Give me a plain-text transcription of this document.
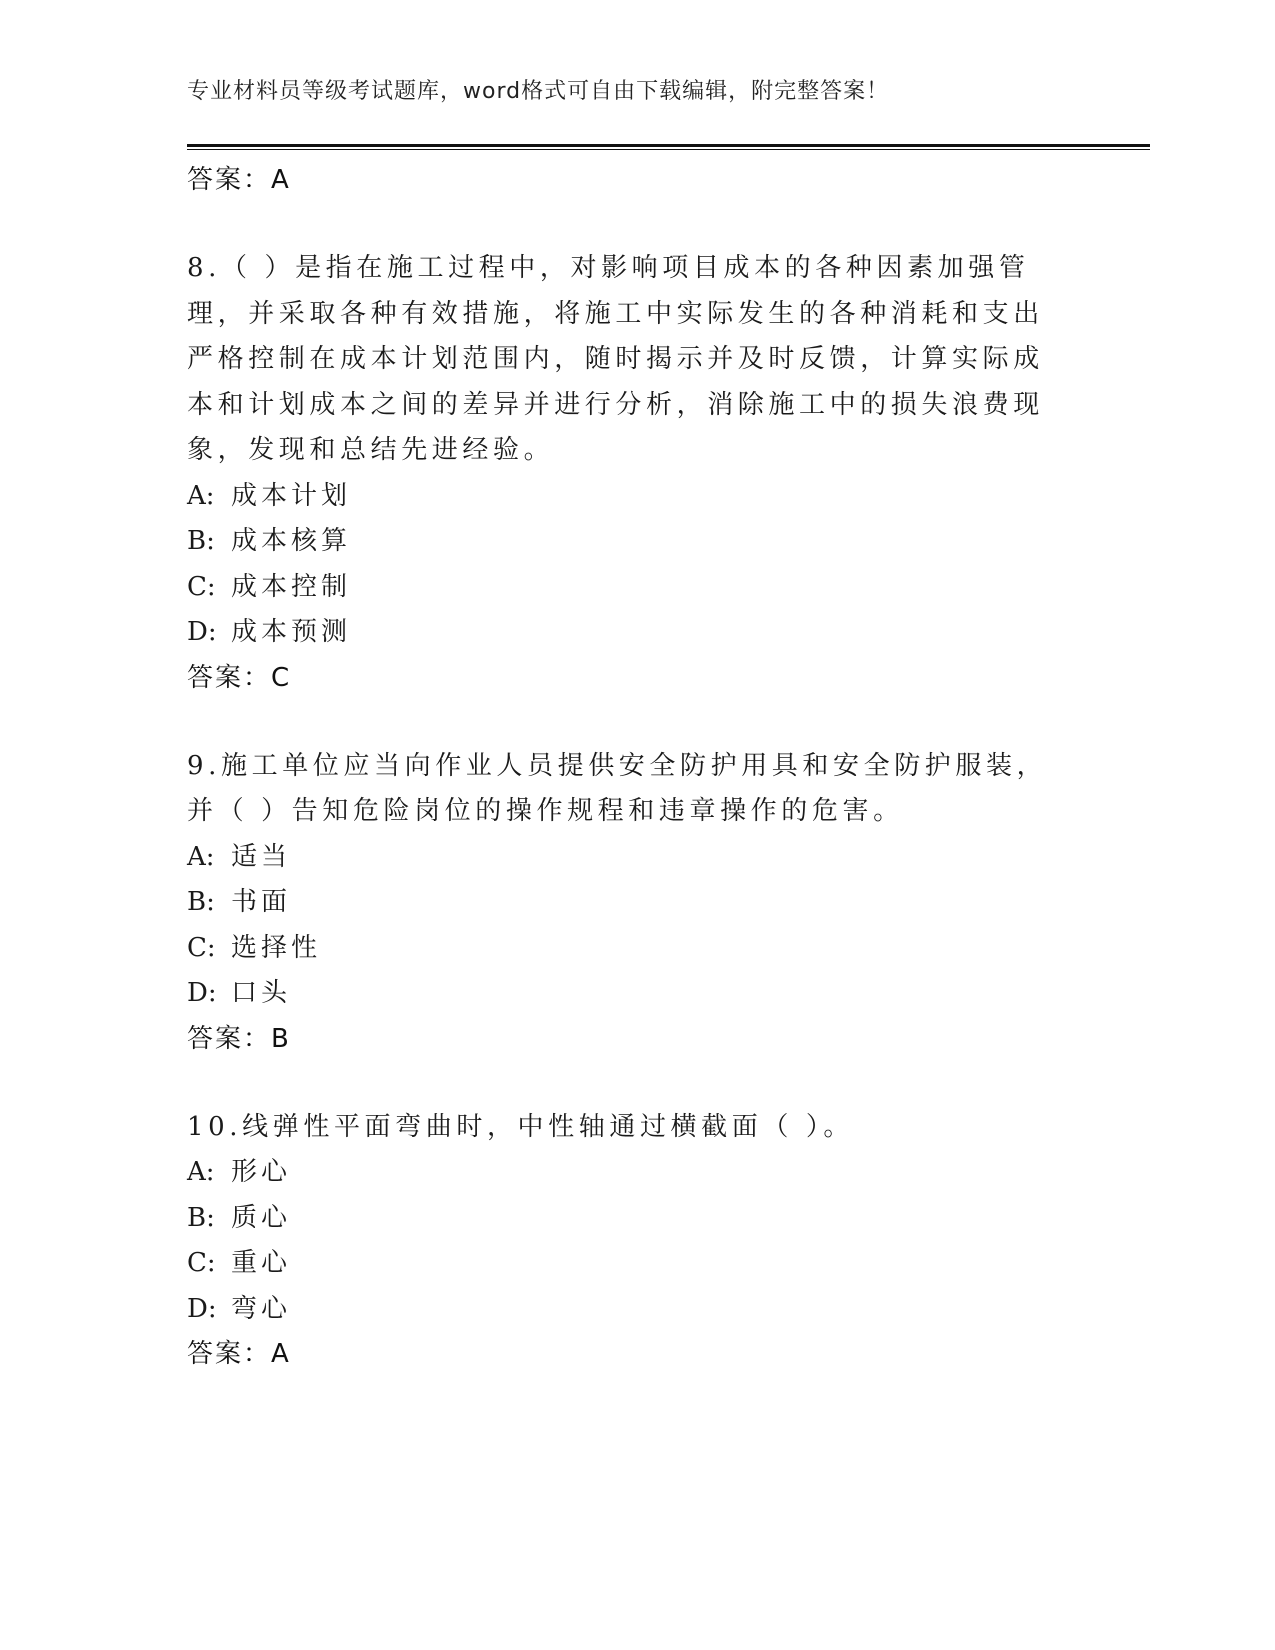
专业材料员等级考试题库，word格式可自由下载编辑，附完整答案！
答案：A
8.（ ）是指在施工过程中，对影响项目成本的各种因素加强管理，并采取各种有效措施，将施工中实际发生的各种消耗和支出严格控制在成本计划范围内，随时揭示并及时反馈，计算实际成本和计划成本之间的差异并进行分析，消除施工中的损失浪费现象，发现和总结先进经验。
A: 成本计划
B: 成本核算
C: 成本控制
D: 成本预测
答案：C
9.施工单位应当向作业人员提供安全防护用具和安全防护服装，并（ ）告知危险岗位的操作规程和违章操作的危害。
A: 适当
B: 书面
C: 选择性
D: 口头
答案：B
10.线弹性平面弯曲时，中性轴通过横截面（ ）。
A: 形心
B: 质心
C: 重心
D: 弯心
答案：A
